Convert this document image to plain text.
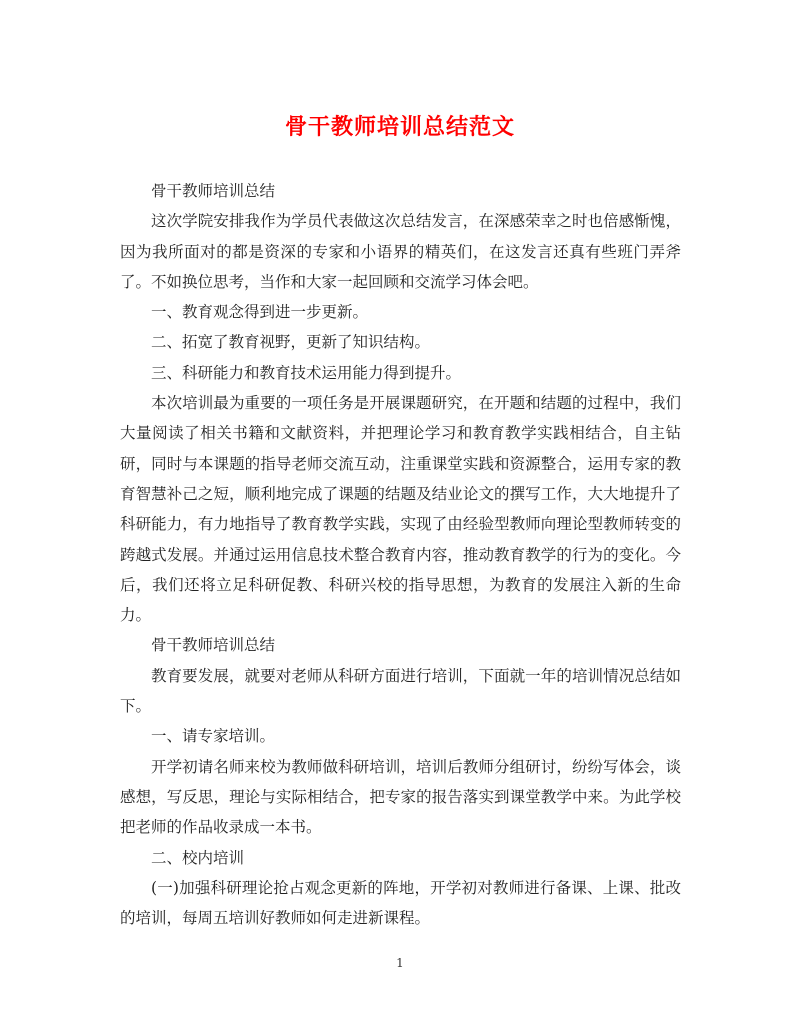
骨干教师培训总结范文

骨干教师培训总结

这次学院安排我作为学员代表做这次总结发言，在深感荣幸之时也倍感惭愧，因为我所面对的都是资深的专家和小语界的精英们，在这发言还真有些班门弄斧了。不如换位思考，当作和大家一起回顾和交流学习体会吧。

一、教育观念得到进一步更新。

二、拓宽了教育视野，更新了知识结构。

三、科研能力和教育技术运用能力得到提升。

本次培训最为重要的一项任务是开展课题研究，在开题和结题的过程中，我们大量阅读了相关书籍和文献资料，并把理论学习和教育教学实践相结合，自主钻研，同时与本课题的指导老师交流互动，注重课堂实践和资源整合，运用专家的教育智慧补己之短，顺利地完成了课题的结题及结业论文的撰写工作，大大地提升了科研能力，有力地指导了教育教学实践，实现了由经验型教师向理论型教师转变的跨越式发展。并通过运用信息技术整合教育内容，推动教育教学的行为的变化。今后，我们还将立足科研促教、科研兴校的指导思想，为教育的发展注入新的生命力。

骨干教师培训总结

教育要发展，就要对老师从科研方面进行培训，下面就一年的培训情况总结如下。

一、请专家培训。

开学初请名师来校为教师做科研培训，培训后教师分组研讨，纷纷写体会，谈感想，写反思，理论与实际相结合，把专家的报告落实到课堂教学中来。为此学校把老师的作品收录成一本书。

二、校内培训

(一)加强科研理论抢占观念更新的阵地，开学初对教师进行备课、上课、批改的培训，每周五培训好教师如何走进新课程。

1
